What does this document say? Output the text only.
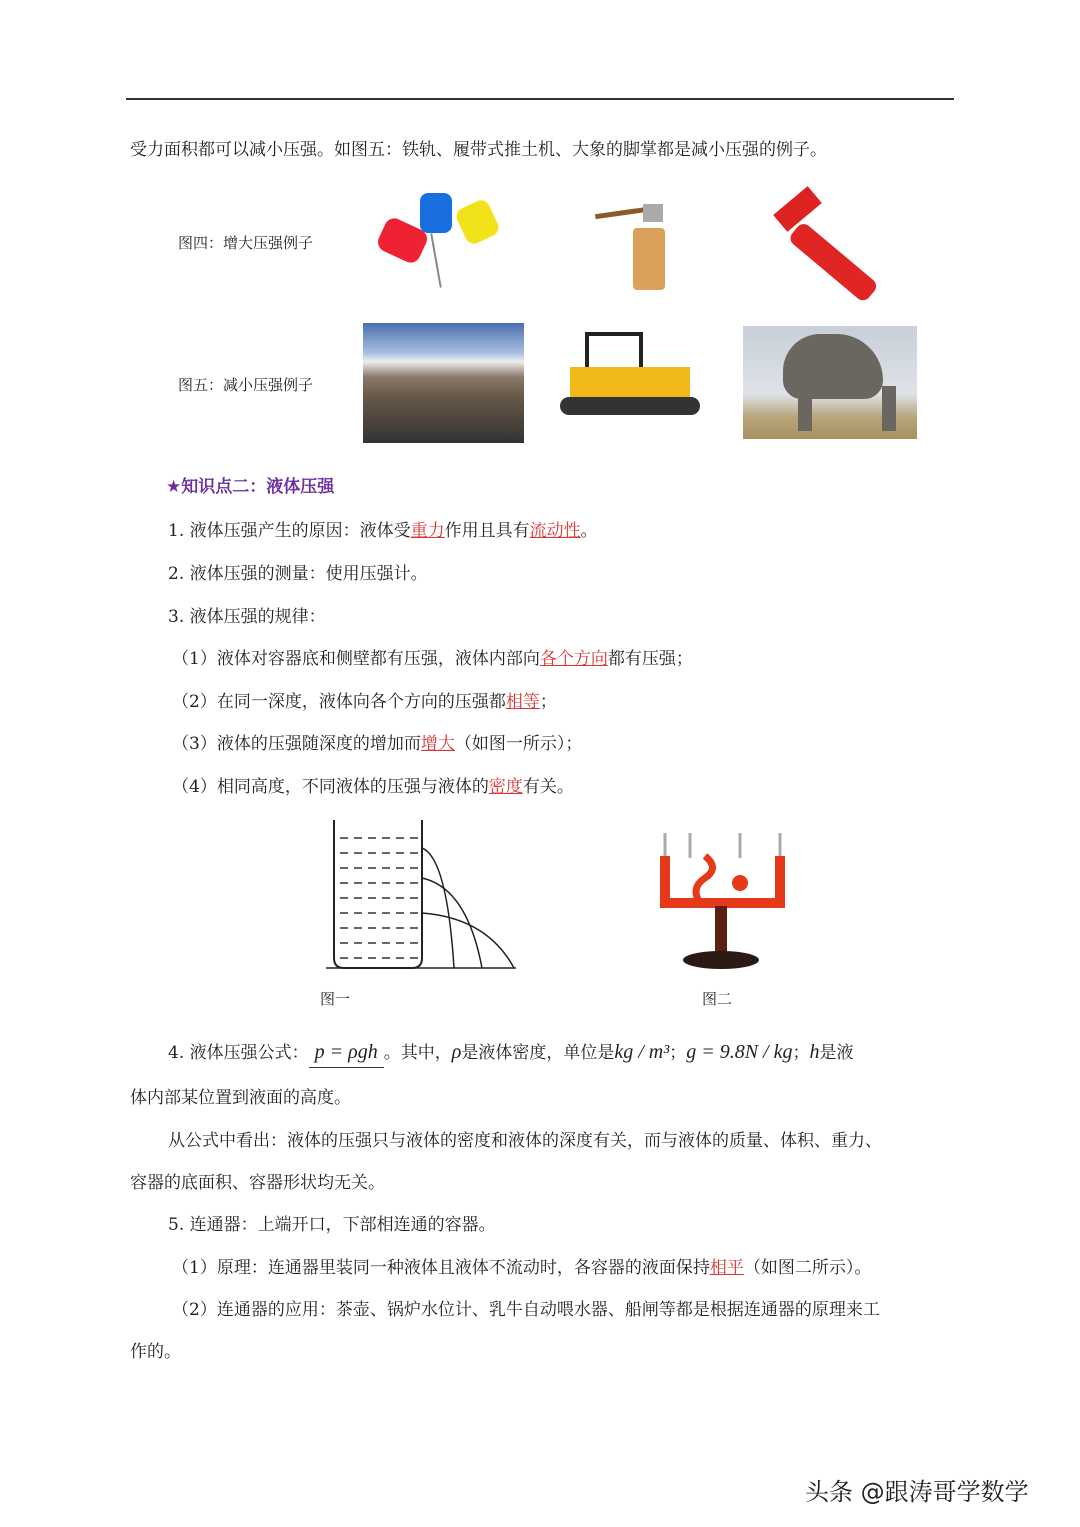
受力面积都可以减小压强。如图五：铁轨、履带式推土机、大象的脚掌都是减小压强的例子。
图四：增大压强例子
图五：减小压强例子
★知识点二：液体压强
1. 液体压强产生的原因：液体受重力作用且具有流动性。
2. 液体压强的测量：使用压强计。
3. 液体压强的规律：
（1）液体对容器底和侧壁都有压强，液体内部向各个方向都有压强；
（2）在同一深度，液体向各个方向的压强都相等；
（3）液体的压强随深度的增加而增大（如图一所示）；
（4）相同高度，不同液体的压强与液体的密度有关。
图一	图二
4. 液体压强公式： p = ρgh 。其中，ρ是液体密度，单位是kg / m³；g = 9.8N / kg；h是液
体内部某位置到液面的高度。
从公式中看出：液体的压强只与液体的密度和液体的深度有关，而与液体的质量、体积、重力、
容器的底面积、容器形状均无关。
5. 连通器：上端开口，下部相连通的容器。
（1）原理：连通器里装同一种液体且液体不流动时，各容器的液面保持相平（如图二所示）。
（2）连通器的应用：茶壶、锅炉水位计、乳牛自动喂水器、船闸等都是根据连通器的原理来工
作的。
头条 @跟涛哥学数学
